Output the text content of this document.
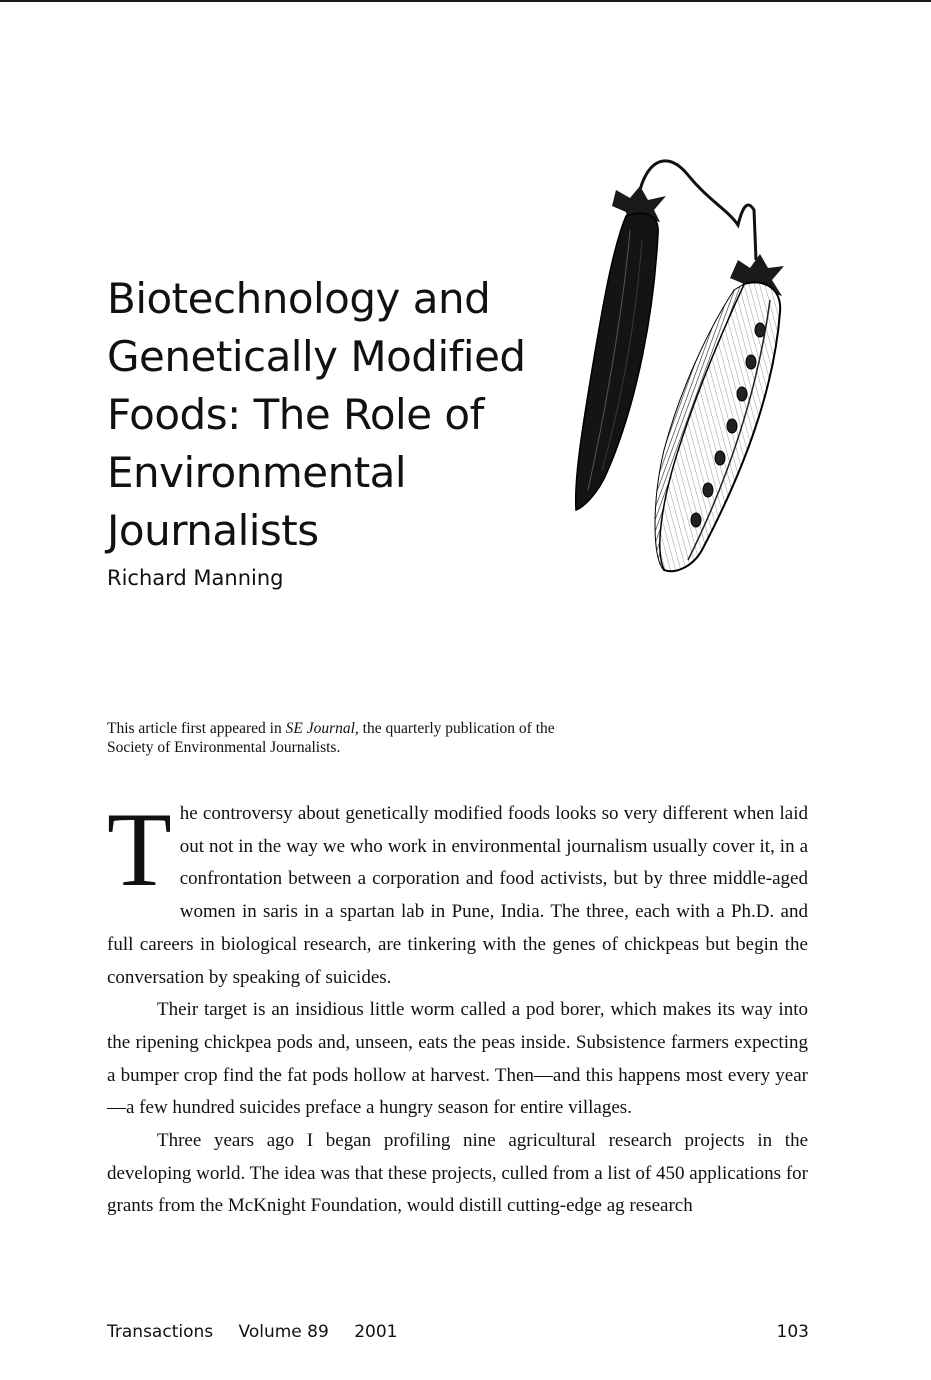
Biotechnology and
Genetically Modified
Foods: The Role of
Environmental
Journalists
Richard Manning
This article first appeared in SE Journal, the quarterly publication of the Society of Environmental Journalists.

The controversy about genetically modified foods looks so very different when laid out not in the way we who work in environmental journalism usually cover it, in a confrontation between a corporation and food activists, but by three middle-aged women in saris in a spartan lab in Pune, India. The three, each with a Ph.D. and full careers in biological research, are tinkering with the genes of chickpeas but begin the conversation by speaking of suicides.

Their target is an insidious little worm called a pod borer, which makes its way into the ripening chickpea pods and, unseen, eats the peas inside. Subsistence farmers expecting a bumper crop find the fat pods hollow at harvest. Then—and this happens most every year—a few hundred suicides preface a hungry season for entire villages.

Three years ago I began profiling nine agricultural research projects in the developing world. The idea was that these projects, culled from a list of 450 applications for grants from the McKnight Foundation, would distill cutting-edge ag research

Transactions Volume 89 2001	103
